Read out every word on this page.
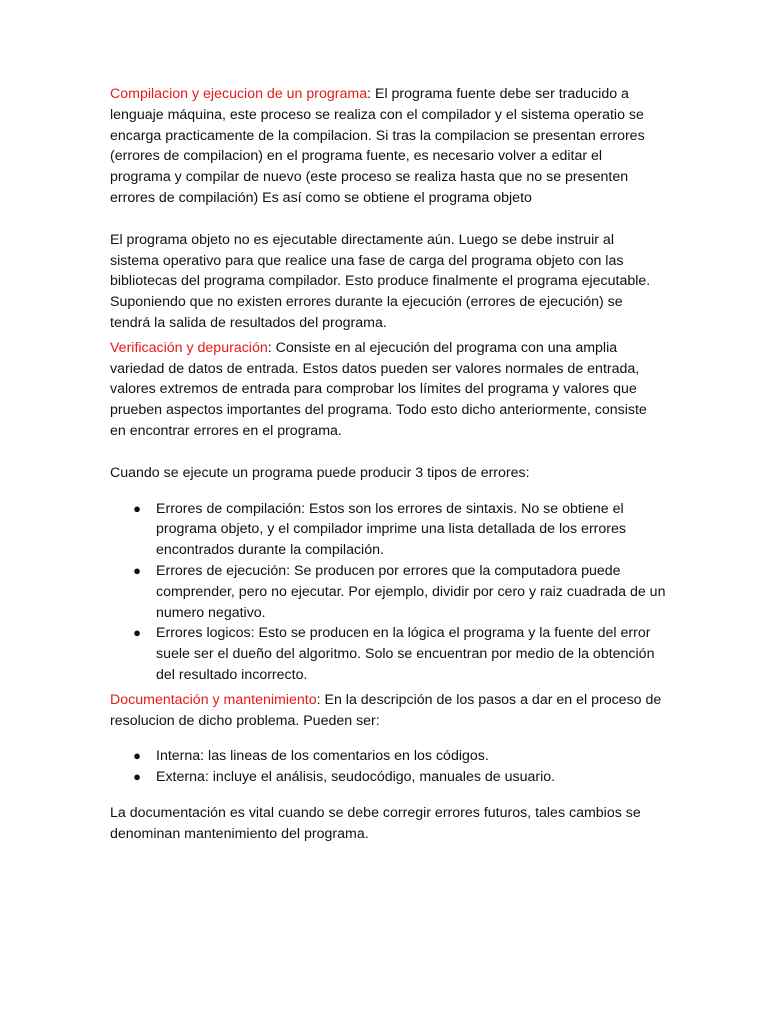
Compilacion y ejecucion de un programa: El programa fuente debe ser traducido a lenguaje máquina, este proceso se realiza con el compilador y el sistema operatio se encarga practicamente de la compilacion. Si tras la compilacion se presentan errores (errores de compilacion) en el programa fuente, es necesario volver a editar el programa y compilar de nuevo (este proceso se realiza hasta que no se presenten errores de compilación) Es así como se obtiene el programa objeto

El programa objeto no es ejecutable directamente aún. Luego se debe instruir al sistema operativo para que realice una fase de carga del programa objeto con las bibliotecas del programa compilador. Esto produce finalmente el programa ejecutable. Suponiendo que no existen errores durante la ejecución (errores de ejecución) se tendrá la salida de resultados del programa.

Verificación y depuración: Consiste en al ejecución del programa con una amplia variedad de datos de entrada. Estos datos pueden ser valores normales de entrada, valores extremos de entrada para comprobar los límites del programa y valores que prueben aspectos importantes del programa. Todo esto dicho anteriormente, consiste en encontrar errores en el programa.

Cuando se ejecute un programa puede producir 3 tipos de errores:

● Errores de compilación: Estos son los errores de sintaxis. No se obtiene el programa objeto, y el compilador imprime una lista detallada de los errores encontrados durante la compilación.
● Errores de ejecución: Se producen por errores que la computadora puede comprender, pero no ejecutar. Por ejemplo, dividir por cero y raiz cuadrada de un numero negativo.
● Errores logicos: Esto se producen en la lógica el programa y la fuente del error suele ser el dueño del algoritmo. Solo se encuentran por medio de la obtención del resultado incorrecto.

Documentación y mantenimiento: En la descripción de los pasos a dar en el proceso de resolucion de dicho problema. Pueden ser:

● Interna: las lineas de los comentarios en los códigos.
● Externa: incluye el análisis, seudocódigo, manuales de usuario.

La documentación es vital cuando se debe corregir errores futuros, tales cambios se denominan mantenimiento del programa.
